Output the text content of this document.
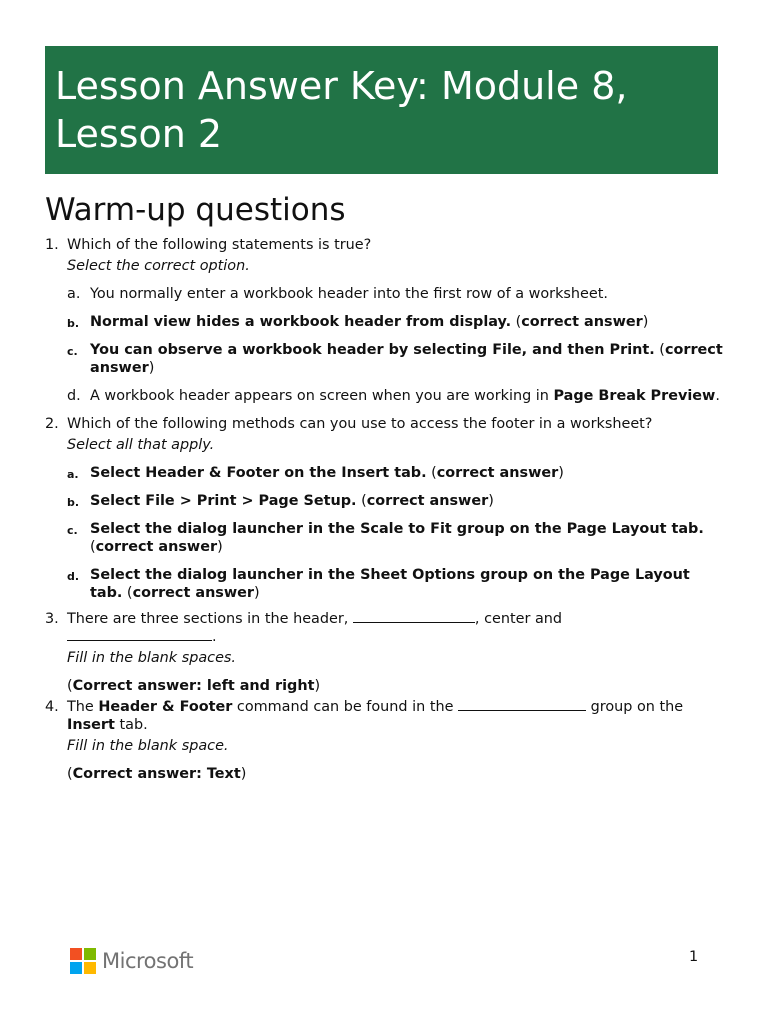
Lesson Answer Key: Module 8, Lesson 2
Warm-up questions
1. Which of the following statements is true?

Select the correct option.

a. You normally enter a workbook header into the first row of a worksheet.
b. Normal view hides a workbook header from display. (correct answer)
c. You can observe a workbook header by selecting File, and then Print. (correct answer)
d. A workbook header appears on screen when you are working in Page Break Preview.
2. Which of the following methods can you use to access the footer in a worksheet?

Select all that apply.

a. Select Header & Footer on the Insert tab. (correct answer)
b. Select File > Print > Page Setup. (correct answer)
c. Select the dialog launcher in the Scale to Fit group on the Page Layout tab. (correct answer)
d. Select the dialog launcher in the Sheet Options group on the Page Layout tab. (correct answer)
3. There are three sections in the header,	, center and
.

Fill in the blank spaces.

(Correct answer: left and right)

4. The Header & Footer command can be found in the	group on the Insert tab.

Fill in the blank space.

(Correct answer: Text)

Microsoft	1
